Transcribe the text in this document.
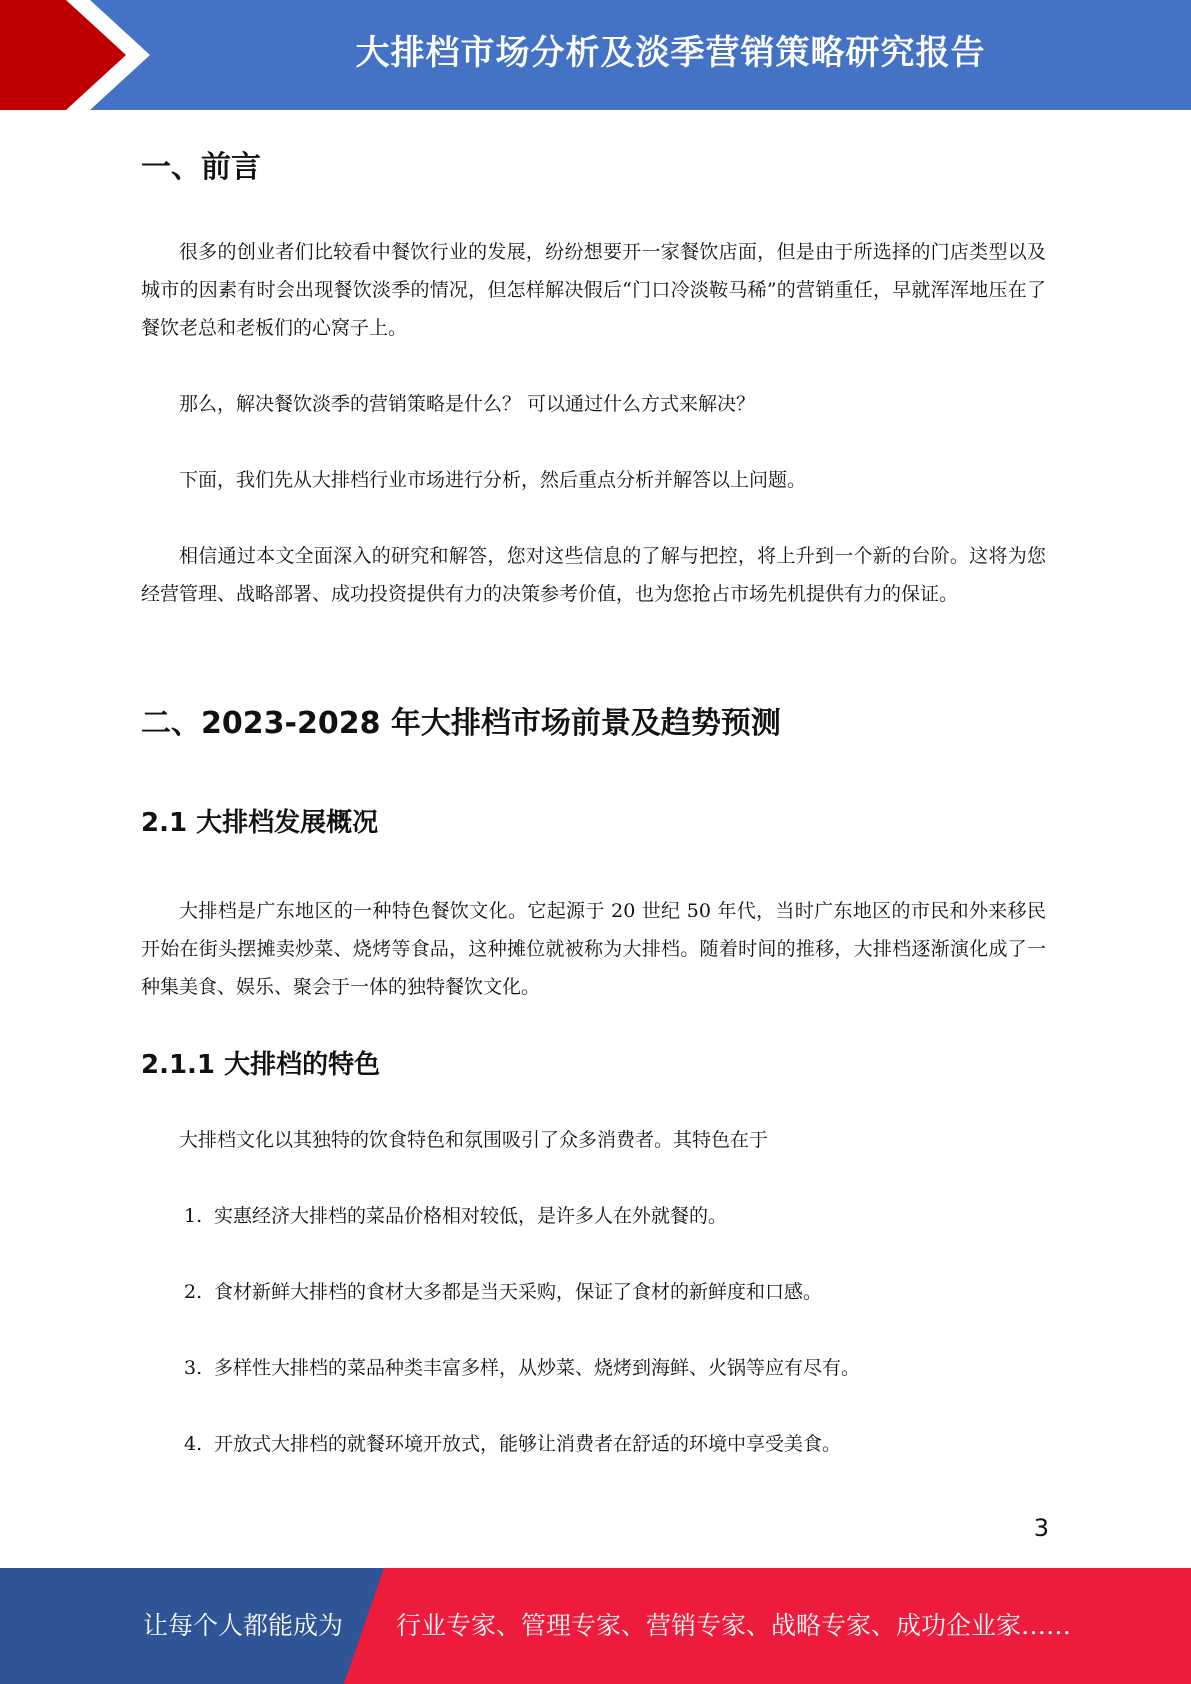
大排档市场分析及淡季营销策略研究报告
一、前言

很多的创业者们比较看中餐饮行业的发展，纷纷想要开一家餐饮店面，但是由于所选择的门店类型以及城市的因素有时会出现餐饮淡季的情况，但怎样解决假后“门口冷淡鞍马稀”的营销重任，早就浑浑地压在了餐饮老总和老板们的心窝子上。

那么，解决餐饮淡季的营销策略是什么？ 可以通过什么方式来解决？

下面，我们先从大排档行业市场进行分析，然后重点分析并解答以上问题。

相信通过本文全面深入的研究和解答，您对这些信息的了解与把控，将上升到一个新的台阶。这将为您经营管理、战略部署、成功投资提供有力的决策参考价值，也为您抢占市场先机提供有力的保证。

二、2023-2028 年大排档市场前景及趋势预测
2.1 大排档发展概况

大排档是广东地区的一种特色餐饮文化。它起源于 20 世纪 50 年代，当时广东地区的市民和外来移民开始在街头摆摊卖炒菜、烧烤等食品，这种摊位就被称为大排档。随着时间的推移，大排档逐渐演化成了一种集美食、娱乐、聚会于一体的独特餐饮文化。

2.1.1 大排档的特色

大排档文化以其独特的饮食特色和氛围吸引了众多消费者。其特色在于

1. 实惠经济大排档的菜品价格相对较低，是许多人在外就餐的。
2. 食材新鲜大排档的食材大多都是当天采购，保证了食材的新鲜度和口感。
3. 多样性大排档的菜品种类丰富多样，从炒菜、烧烤到海鲜、火锅等应有尽有。
4. 开放式大排档的就餐环境开放式，能够让消费者在舒适的环境中享受美食。
3
让每个人都能成为 行业专家、管理专家、营销专家、战略专家、成功企业家……
